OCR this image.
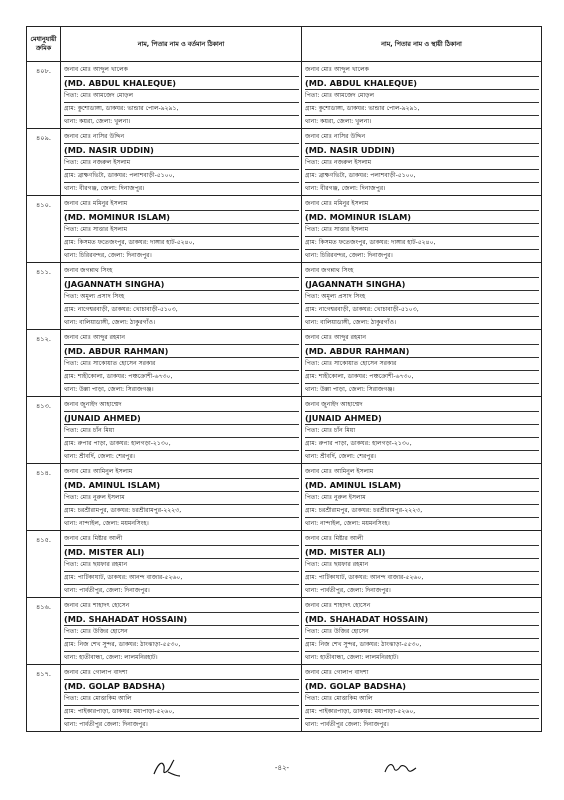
মেধানুযায়ী ক্রমিক	নাম, পিতার নাম ও বর্তমান ঠিকানা	নাম, পিতার নাম ও স্থায়ী ঠিকানা

৪০৮.	জনাব মোঃ আব্দুল খালেক
(MD. ABDUL KHALEQUE)
পিতা: মোঃ আমজেদ মোড়ল
গ্রাম: কুশোডাঙ্গা, ডাকঘর: ভান্ডার পোল-৯২৯১,
থানা: কয়রা, জেলা: খুলনা।	জনাব মোঃ আব্দুল খালেক
(MD. ABDUL KHALEQUE)
পিতা: মোঃ আমজেদ মোড়ল
গ্রাম: কুশোডাঙ্গা, ডাকঘর: ভান্ডার পোল-৯২৯১,
থানা: কয়রা, জেলা: খুলনা।

৪০৯.	জনাব মোঃ নাসির উদ্দিন
(MD. NASIR UDDIN)
পিতা: মোঃ নজরুল ইসলাম
গ্রাম: ব্রাক্ষণভিটা, ডাকঘর: পলাশবাড়ী-৫১০০,
থানা: বীরগঞ্জ, জেলা: দিনাজপুর।	জনাব মোঃ নাসির উদ্দিন
(MD. NASIR UDDIN)
পিতা: মোঃ নজরুল ইসলাম
গ্রাম: ব্রাক্ষণভিটা, ডাকঘর: পলাশবাড়ী-৫১০০,
থানা: বীরগঞ্জ, জেলা: দিনাজপুর।

৪১০.	জনাব মোঃ মমিনুর ইসলাম
(MD. MOMINUR ISLAM)
পিতা: মোঃ সাত্তার ইসলাম
গ্রাম: কিসমত ফতেজংপুর, ডাকঘর: দাঙ্গার হাট-৫২৪০,
থানা: চিরিরবন্দর, জেলা: দিনাজপুর।	জনাব মোঃ মমিনুর ইসলাম
(MD. MOMINUR ISLAM)
পিতা: মোঃ সাত্তার ইসলাম
গ্রাম: কিসমত ফতেজংপুর, ডাকঘর: দাঙ্গার হাট-৫২৪০,
থানা: চিরিরবন্দর, জেলা: দিনাজপুর।

৪১১.	জনাব জগন্নাথ সিংহ
(JAGANNATH SINGHA)
পিতা: অমূল্য প্রসাদ সিংহ
গ্রাম: নাগেশ্বরবাড়ী, ডাকঘর: খোচাবাড়ী-৫১০৩,
থানা: বালিয়াডাঙ্গী, জেলা: ঠাকুরগাঁও।	জনাব জগন্নাথ সিংহ
(JAGANNATH SINGHA)
পিতা: অমূল্য প্রসাদ সিংহ
গ্রাম: নাগেশ্বরবাড়ী, ডাকঘর: খোচাবাড়ী-৫১০৩,
থানা: বালিয়াডাঙ্গী, জেলা: ঠাকুরগাঁও।

৪১২.	জনাব মোঃ আব্দুর রহমান
(MD. ABDUR RAHMAN)
পিতা: মোঃ সাকোয়াত হোসেন সরকার
গ্রাম: শাহীকোলা, ডাকঘর: পঞ্চক্রোশী-৬৭৩০,
থানা: উল্লা পাড়া, জেলা: সিরাজগঞ্জ।	জনাব মোঃ আব্দুর রহমান
(MD. ABDUR RAHMAN)
পিতা: মোঃ সাকোয়াত হোসেন সরকার
গ্রাম: শাহীকোলা, ডাকঘর: পঞ্চক্রোশী-৬৭৩০,
থানা: উল্লা পাড়া, জেলা: সিরাজগঞ্জ।

৪১৩.	জনাব জুনাইদ আহাম্মেদ
(JUNAID AHMED)
পিতা: মোঃ চাঁন মিয়া
গ্রাম: রুপার পাড়া, ডাকঘর: হালগড়া-২১৩০,
থানা: শ্রীবর্দি, জেলা: শেরপুর।	জনাব জুনাইদ আহাম্মেদ
(JUNAID AHMED)
পিতা: মোঃ চাঁন মিয়া
গ্রাম: রুপার পাড়া, ডাকঘর: হালগড়া-২১৩০,
থানা: শ্রীবর্দি, জেলা: শেরপুর।

৪১৪.	জনাব মোঃ আমিনুল ইসলাম
(MD. AMINUL ISLAM)
পিতা: মোঃ নুরুল ইসলাম
গ্রাম: চরশ্রীরামপুর, ডাকঘর: চরশ্রীরামপুর-২২২৩,
থানা: নান্দাইল, জেলা: ময়মনসিংহ।	জনাব মোঃ আমিনুল ইসলাম
(MD. AMINUL ISLAM)
পিতা: মোঃ নুরুল ইসলাম
গ্রাম: চরশ্রীরামপুর, ডাকঘর: চরশ্রীরামপুর-২২২৩,
থানা: নান্দাইল, জেলা: ময়মনসিংহ।

৪১৫.	জনাব মোঃ মিষ্টার আলী
(MD. MISTER ALI)
পিতা: মোঃ ছয়ফার রহমান
গ্রাম: পাটিকাঘাট, ডাকঘর: আনন্দ বাজার-৫২৬০,
থানা: পার্বতীপুর, জেলা: দিনাজপুর।	জনাব মোঃ মিষ্টার আলী
(MD. MISTER ALI)
পিতা: মোঃ ছয়ফার রহমান
গ্রাম: পাটিকাঘাট, ডাকঘর: আনন্দ বাজার-৫২৬০,
থানা: পার্বতীপুর, জেলা: দিনাজপুর।

৪১৬.	জনাব মোঃ শাহাদৎ হোসেন
(MD. SHAHADAT HOSSAIN)
পিতা: মোঃ উজির হোসেন
গ্রাম: নিজ শেখ সুন্দর, ডাকঘর: ঠাংঝাড়া-৫৫৩০,
থানা: হাতীবান্ধা, জেলা: লালমনিরহাট।	জনাব মোঃ শাহাদৎ হোসেন
(MD. SHAHADAT HOSSAIN)
পিতা: মোঃ উজির হোসেন
গ্রাম: নিজ শেখ সুন্দর, ডাকঘর: ঠাংঝাড়া-৫৫৩০,
থানা: হাতীবান্ধা, জেলা: লালমনিরহাট।

৪১৭.	জনাব মোঃ গোলাপ বাদশা
(MD. GOLAP BADSHA)
পিতা: মোঃ মোত্তাকিম আলি
গ্রাম: পাইকারপাড়া, ডাকঘর: মধ্যপাড়া-৫২৬০,
থানা: পার্বতীপুর জেলা: দিনাজপুর।	জনাব মোঃ গোলাপ বাদশা
(MD. GOLAP BADSHA)
পিতা: মোঃ মোত্তাকিম আলি
গ্রাম: পাইকারপাড়া, ডাকঘর: মধ্যপাড়া-৫২৬০,
থানা: পার্বতীপুর জেলা: দিনাজপুর।
-৪২-
